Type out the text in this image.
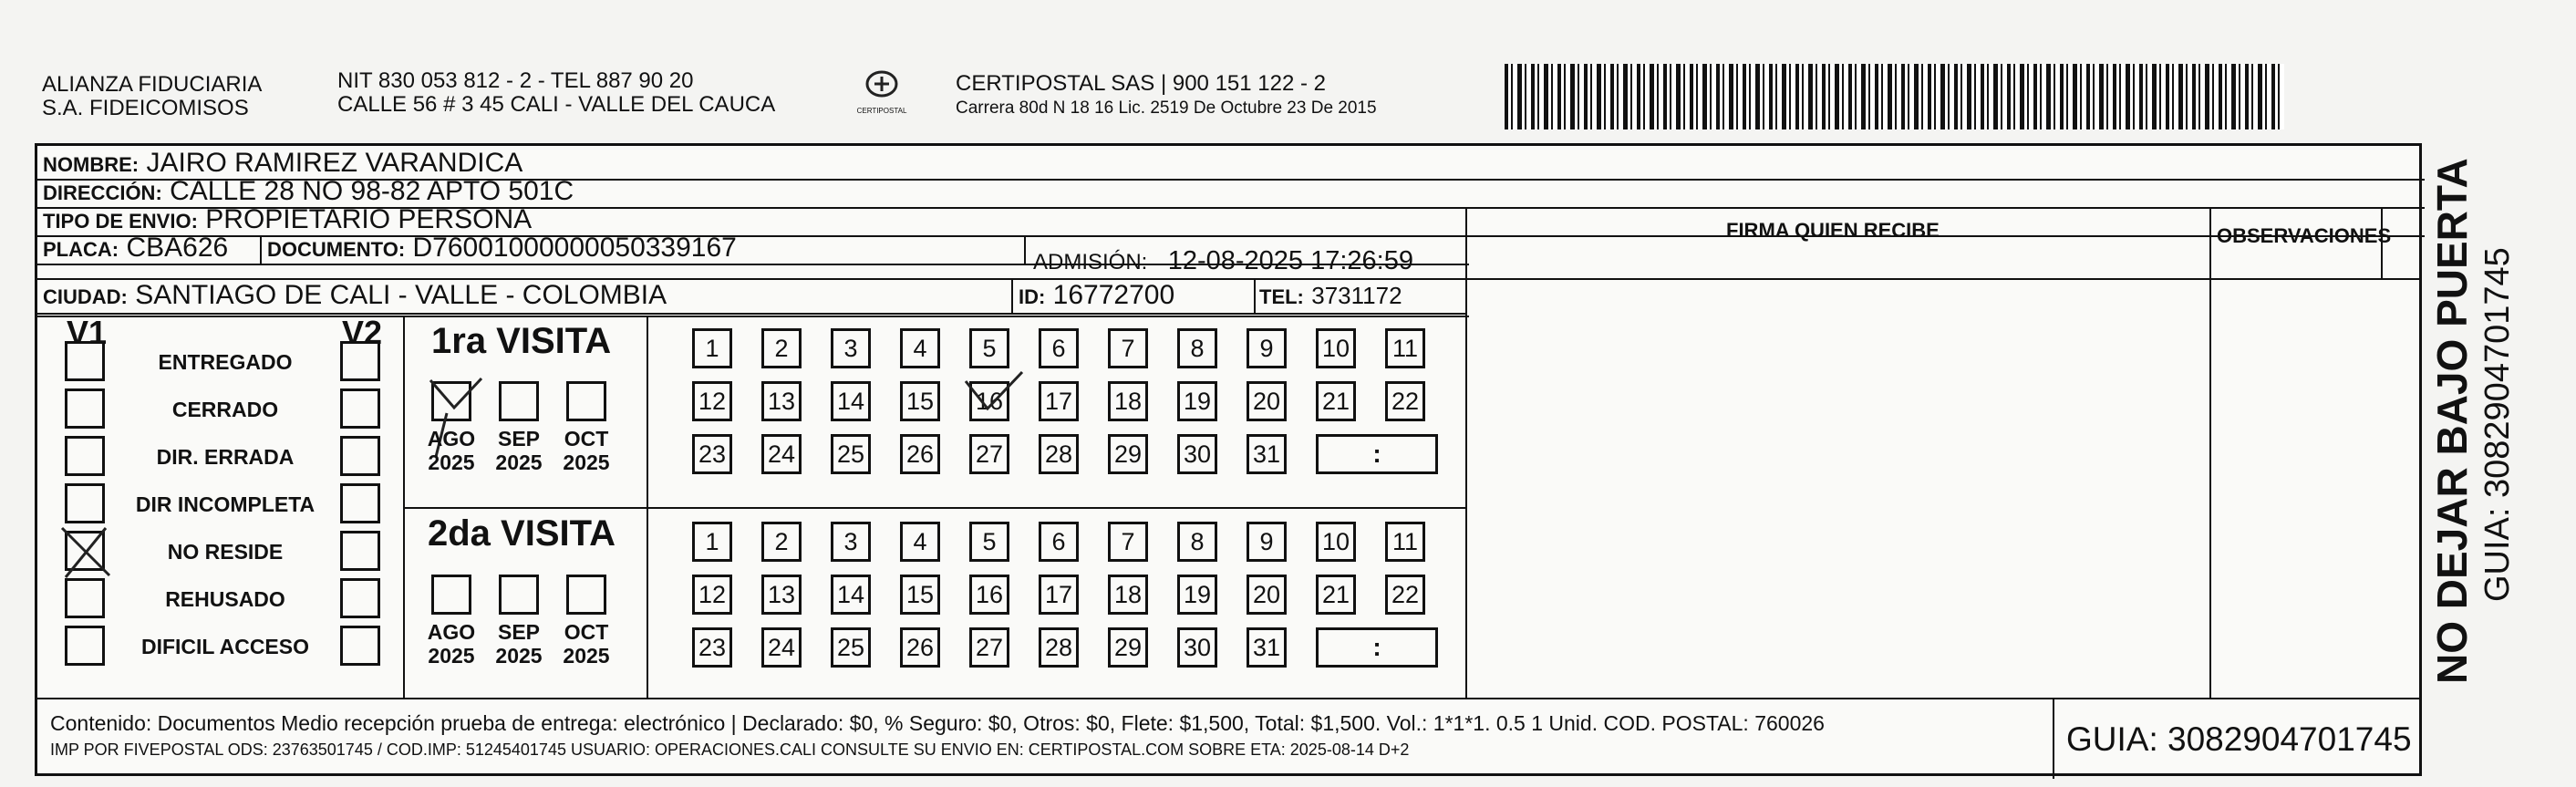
ALIANZA FIDUCIARIA
S.A. FIDEICOMISOS
NIT 830 053 812 - 2 - TEL 887 90 20
CALLE 56 # 3 45 CALI - VALLE DEL CAUCA	CERTIPOSTAL
CERTIPOSTAL SAS | 900 151 122 - 2
Carrera 80d N 18 16 Lic. 2519 De Octubre 23 De 2015
NOMBRE: JAIRO RAMIREZ VARANDICA
DIRECCIÓN: CALLE 28 NO 98-82 APTO 501C
TIPO DE ENVIO: PROPIETARIO PERSONA
PLACA: CBA626 DOCUMENTO: D76001000000050339167	ADMISIÓN: 12-08-2025 17:26:59
CIUDAD: SANTIAGO DE CALI - VALLE - COLOMBIA	ID: 16772700	TEL: 3731172
FIRMA QUIEN RECIBE	OBSERVACIONES
V1	V2
ENTREGADO
CERRADO
DIR. ERRADA
DIR INCOMPLETA
NO RESIDE
REHUSADO
DIFICIL ACCESO
1ra VISITA
2da VISITA
1	2	3	4	5	6	7	8	9	10 11
12 13 14 15 16 17 18 19 20 21 22
23 24 25 26 27 28 29 30 31	:
AGO
2025
SEP
2025
OCT
2025
1	2	3	4	5	6	7	8	9	10 11
12 13 14 15 16 17 18 19 20 21 22
23 24 25 26 27 28 29 30 31	:
AGO
2025
SEP
2025
OCT
2025
Contenido: Documentos Medio recepción prueba de entrega: electrónico | Declarado: $0, % Seguro: $0, Otros: $0, Flete: $1,500, Total: $1,500. Vol.: 1*1*1. 0.5 1 Unid. COD. POSTAL: 760026
IMP POR FIVEPOSTAL ODS: 23763501745 / COD.IMP: 51245401745 USUARIO: OPERACIONES.CALI CONSULTE SU ENVIO EN: CERTIPOSTAL.COM SOBRE ETA: 2025-08-14 D+2	GUIA: 3082904701745
NO DEJAR BAJO PUERTA GUIA: 3082904701745
